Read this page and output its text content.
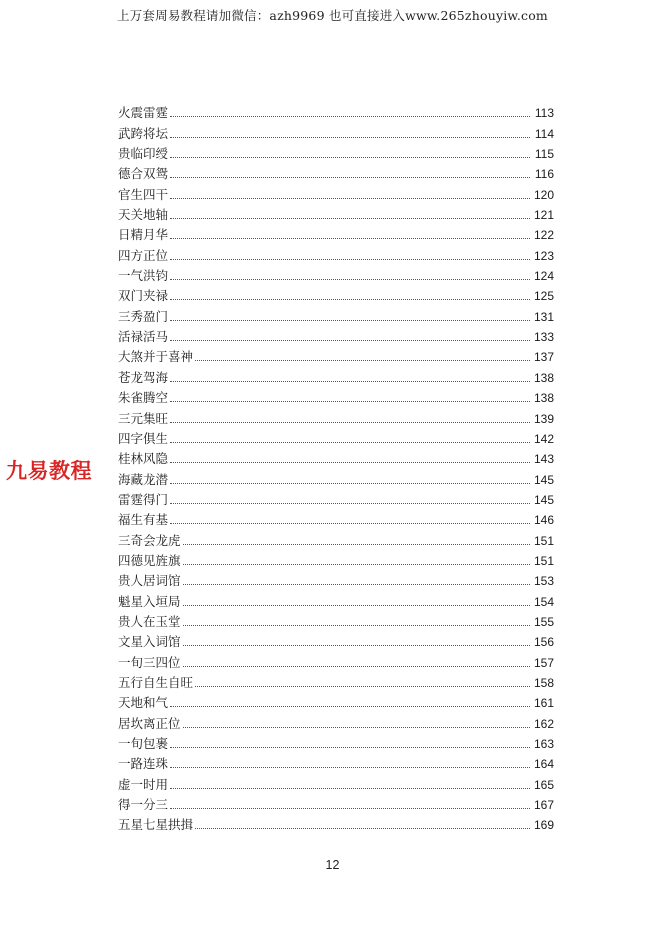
上万套周易教程请加微信：azh9969 也可直接进入www.265zhouyiw.com
火震雷霆	113
武跨将坛	114
贵临印绶	115
德合双鸳	116
官生四干	120
天关地轴	121
日精月华	122
四方正位	123
一气洪钧	124
双门夹禄	125
三秀盈门	131
活禄活马	133
大煞并于喜神	137
苍龙驾海	138
朱雀腾空	138
三元集旺	139
四字俱生	142
桂林风隐	143
海藏龙潜	145
雷霆得门	145
福生有基	146
三奇会龙虎	151
四德见旌旗	151
贵人居词馆	153
魁星入垣局	154
贵人在玉堂	155
文星入词馆	156
一旬三四位	157
五行自生自旺	158
天地和气	161
居坎离正位	162
一旬包裹	163
一路连珠	164
虚一时用	165
得一分三	167
五星七星拱揖	169
九易教程
12
